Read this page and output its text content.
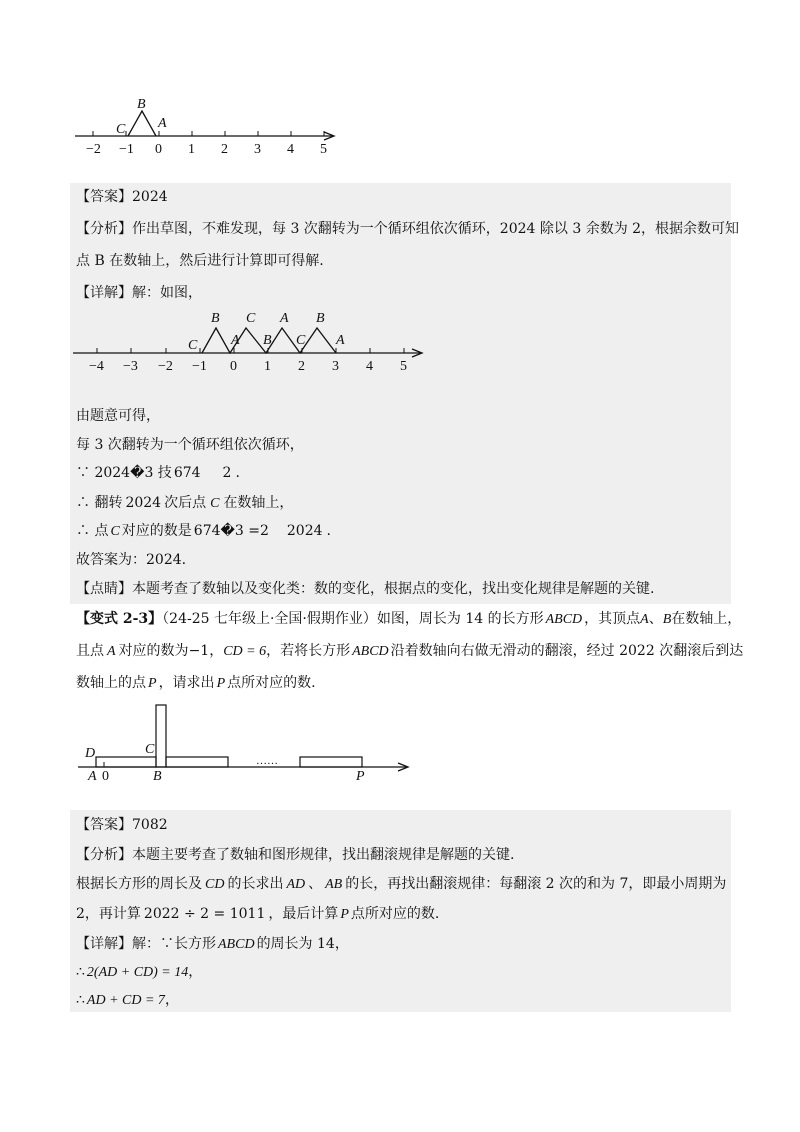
−2 −1 0 1 2 3 4 5
B
C A
【答案】2024
【分析】作出草图，不难发现，每 3 次翻转为一个循环组依次循环，2024 除以 3 余数为 2，根据余数可知
点 B 在数轴上，然后进行计算即可得解.
【详解】解：如图，
−4 −3 −2 −1 0 1 2 3 4 5
C
B
A
C
B
A
C
B
A
由题意可得，
每 3 次翻转为一个循环组依次循环，
∵ 2024�3 技 674 2 .
∴ 翻转 2024 次后点 C 在数轴上，
∴ 点 C 对应的数是 674�3 =2 2024 .
故答案为：2024.
【点睛】本题考查了数轴以及变化类：数的变化，根据点的变化，找出变化规律是解题的关键.
【变式 2-3】（24-25 七年级上·全国·假期作业）如图，周长为 14 的长方形 ABCD ，其顶点A、B在数轴上，
且点 A 对应的数为−1，CD = 6，若将长方形 ABCD 沿着数轴向右做无滑动的翻滚，经过 2022 次翻滚后到达
数轴上的点 P ，请求出 P 点所对应的数.
D	C
A 0	B	P
……
【答案】7082
【分析】本题主要考查了数轴和图形规律，找出翻滚规律是解题的关键.
根据长方形的周长及 CD 的长求出 AD 、 AB 的长，再找出翻滚规律：每翻滚 2 次的和为 7，即最小周期为
2，再计算 2022 ÷ 2 = 1011 ，最后计算 P 点所对应的数.
【详解】解：∵长方形 ABCD 的周长为 14，
∴ 2(AD + CD) = 14，
∴ AD + CD = 7，
